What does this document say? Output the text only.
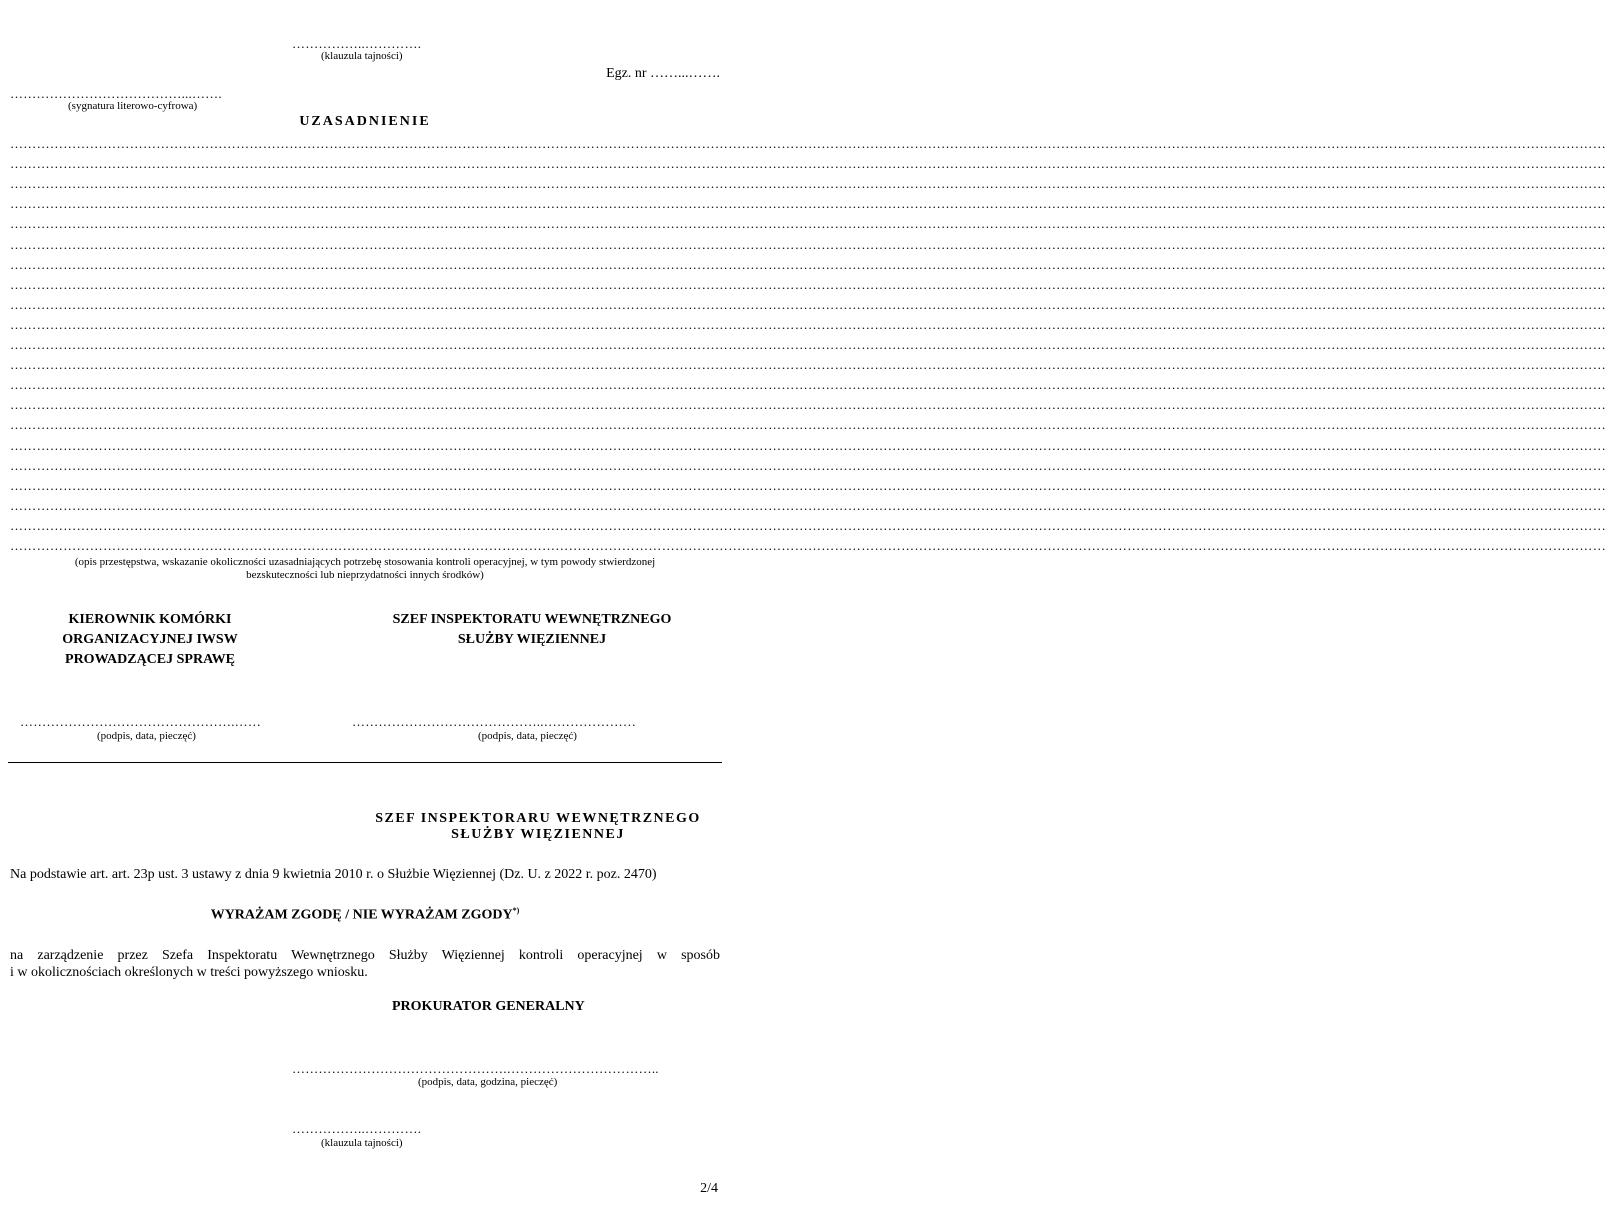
……………..………….
(klauzula tajności)
Egz. nr ……...…….
…………………………………...…….
(sygnatura literowo-cyfrowa)
UZASADNIENIE
………………………………………………………………………………………………………………………………………………………………………………………………………………………………………………………………………………………………………………………………
………………………………………………………………………………………………………………………………………………………………………………………………………………………………………………………………………………………………………………………………
………………………………………………………………………………………………………………………………………………………………………………………………………………………………………………………………………………………………………………………………
………………………………………………………………………………………………………………………………………………………………………………………………………………………………………………………………………………………………………………………………
………………………………………………………………………………………………………………………………………………………………………………………………………………………………………………………………………………………………………………………………
………………………………………………………………………………………………………………………………………………………………………………………………………………………………………………………………………………………………………………………………
………………………………………………………………………………………………………………………………………………………………………………………………………………………………………………………………………………………………………………………………
………………………………………………………………………………………………………………………………………………………………………………………………………………………………………………………………………………………………………………………………
………………………………………………………………………………………………………………………………………………………………………………………………………………………………………………………………………………………………………………………………
………………………………………………………………………………………………………………………………………………………………………………………………………………………………………………………………………………………………………………………………
………………………………………………………………………………………………………………………………………………………………………………………………………………………………………………………………………………………………………………………………
………………………………………………………………………………………………………………………………………………………………………………………………………………………………………………………………………………………………………………………………
………………………………………………………………………………………………………………………………………………………………………………………………………………………………………………………………………………………………………………………………
………………………………………………………………………………………………………………………………………………………………………………………………………………………………………………………………………………………………………………………………
………………………………………………………………………………………………………………………………………………………………………………………………………………………………………………………………………………………………………………………………
………………………………………………………………………………………………………………………………………………………………………………………………………………………………………………………………………………………………………………………………
………………………………………………………………………………………………………………………………………………………………………………………………………………………………………………………………………………………………………………………………
………………………………………………………………………………………………………………………………………………………………………………………………………………………………………………………………………………………………………………………………
………………………………………………………………………………………………………………………………………………………………………………………………………………………………………………………………………………………………………………………………
………………………………………………………………………………………………………………………………………………………………………………………………………………………………………………………………………………………………………………………………
………………………………………………………………………………………………………………………………………………………………………………………………………………………………………………………………………………………………………………………………
(opis przestępstwa, wskazanie okoliczności uzasadniających potrzebę stosowania kontroli operacyjnej, w tym powody stwierdzonej
bezskuteczności lub nieprzydatności innych środków)
KIEROWNIK KOMÓRKI
ORGANIZACYJNEJ IWSW
PROWADZĄCEJ SPRAWĘ
SZEF INSPEKTORATU WEWNĘTRZNEGO
SŁUŻBY WIĘZIENNEJ
………………………………………….……
(podpis, data, pieczęć)
……………………………………..…………………
(podpis, data, pieczęć)
SZEF INSPEKTORARU WEWNĘTRZNEGO
SŁUŻBY WIĘZIENNEJ
Na podstawie art. art. 23p ust. 3 ustawy z dnia 9 kwietnia 2010 r. o Służbie Więziennej (Dz. U. z 2022 r. poz. 2470)
WYRAŻAM ZGODĘ / NIE WYRAŻAM ZGODY*)
na zarządzenie przez Szefa Inspektoratu Wewnętrznego Służby Więziennej kontroli operacyjnej w sposób
i w okolicznościach określonych w treści powyższego wniosku.
PROKURATOR GENERALNY
………………………………………….……………………………..
(podpis, data, godzina, pieczęć)
……………..………….
(klauzula tajności)
2/4
